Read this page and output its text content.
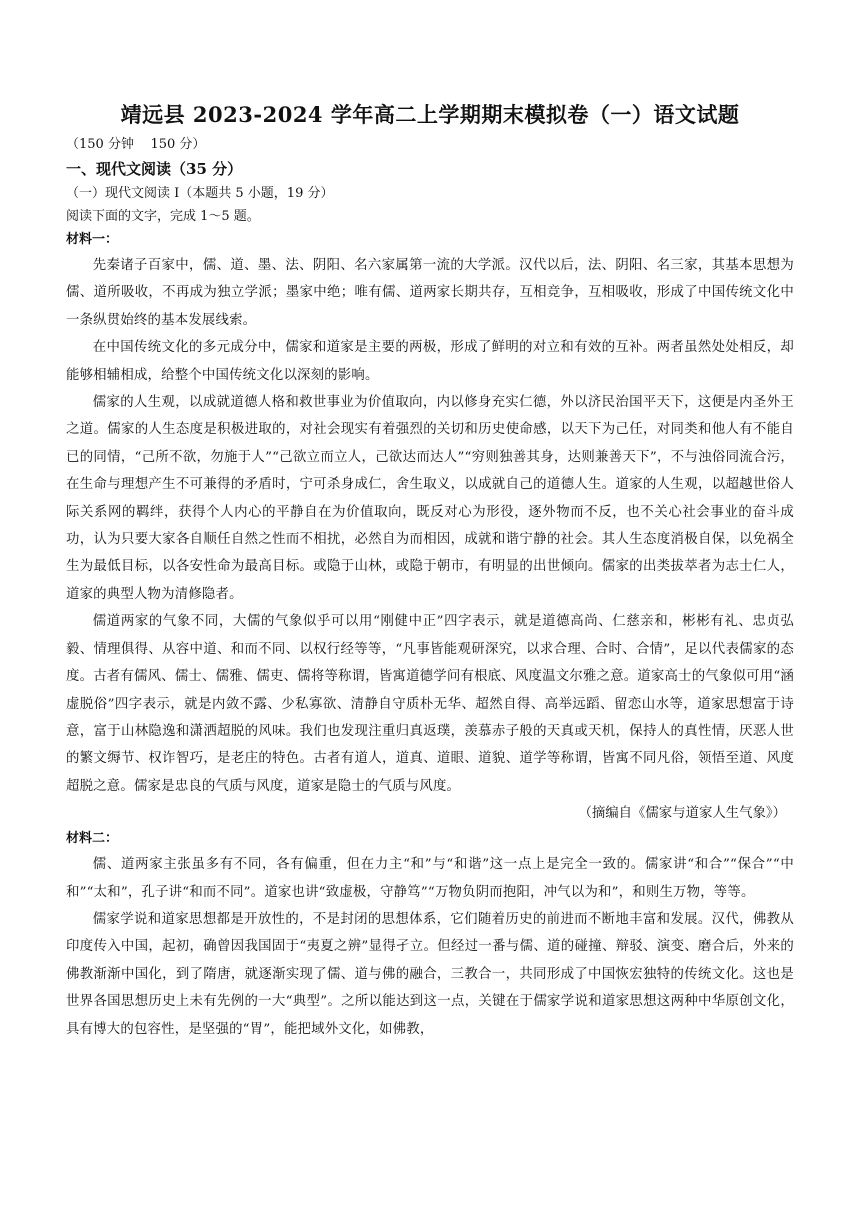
靖远县 2023-2024 学年高二上学期期末模拟卷（一）语文试题
（150 分钟    150 分）
一、现代文阅读（35 分）
（一）现代文阅读 I（本题共 5 小题，19 分）
阅读下面的文字，完成 1～5 题。
材料一：

先秦诸子百家中，儒、道、墨、法、阴阳、名六家属第一流的大学派。汉代以后，法、阴阳、名三家，其基本思想为儒、道所吸收，不再成为独立学派；墨家中绝；唯有儒、道两家长期共存，互相竞争，互相吸收，形成了中国传统文化中一条纵贯始终的基本发展线索。

在中国传统文化的多元成分中，儒家和道家是主要的两极，形成了鲜明的对立和有效的互补。两者虽然处处相反，却能够相辅相成，给整个中国传统文化以深刻的影响。

儒家的人生观，以成就道德人格和救世事业为价值取向，内以修身充实仁德，外以济民治国平天下，这便是内圣外王之道。儒家的人生态度是积极进取的，对社会现实有着强烈的关切和历史使命感，以天下为己任，对同类和他人有不能自已的同情，“己所不欲，勿施于人”“己欲立而立人，己欲达而达人”“穷则独善其身，达则兼善天下”，不与浊俗同流合污，在生命与理想产生不可兼得的矛盾时，宁可杀身成仁，舍生取义，以成就自己的道德人生。道家的人生观，以超越世俗人际关系网的羁绊，获得个人内心的平静自在为价值取向，既反对心为形役，逐外物而不反，也不关心社会事业的奋斗成功，认为只要大家各自顺任自然之性而不相扰，必然自为而相因，成就和谐宁静的社会。其人生态度消极自保，以免祸全生为最低目标，以各安性命为最高目标。或隐于山林，或隐于朝市，有明显的出世倾向。儒家的出类拔萃者为志士仁人，道家的典型人物为清修隐者。

儒道两家的气象不同，大儒的气象似乎可以用“刚健中正”四字表示，就是道德高尚、仁慈亲和，彬彬有礼、忠贞弘毅、情理俱得、从容中道、和而不同、以权行经等等，“凡事皆能观研深究，以求合理、合时、合情”，足以代表儒家的态度。古者有儒风、儒士、儒雅、儒吏、儒将等称谓，皆寓道德学问有根底、风度温文尔雅之意。道家高士的气象似可用“涵虚脱俗”四字表示，就是内敛不露、少私寡欲、清静自守质朴无华、超然自得、高举远蹈、留恋山水等，道家思想富于诗意，富于山林隐逸和潇洒超脱的风味。我们也发现注重归真返璞，羡慕赤子般的天真或天机，保持人的真性情，厌恶人世的繁文缛节、权诈智巧，是老庄的特色。古者有道人，道真、道眼、道貌、道学等称谓，皆寓不同凡俗，领悟至道、风度超脱之意。儒家是忠良的气质与风度，道家是隐士的气质与风度。

（摘编自《儒家与道家人生气象》）
材料二：

儒、道两家主张虽多有不同，各有偏重，但在力主“和”与“和谐”这一点上是完全一致的。儒家讲“和合”“保合”“中和”“太和”，孔子讲“和而不同”。道家也讲“致虚极，守静笃”“万物负阴而抱阳，冲气以为和”，和则生万物，等等。

儒家学说和道家思想都是开放性的，不是封闭的思想体系，它们随着历史的前进而不断地丰富和发展。汉代，佛教从印度传入中国，起初，确曾因我国固于“夷夏之辨”显得孑立。但经过一番与儒、道的碰撞、辩驳、演变、磨合后，外来的佛教渐渐中国化，到了隋唐，就逐渐实现了儒、道与佛的融合，三教合一，共同形成了中国恢宏独特的传统文化。这也是世界各国思想历史上未有先例的一大“典型”。之所以能达到这一点，关键在于儒家学说和道家思想这两种中华原创文化，具有博大的包容性，是坚强的“胃”，能把域外文化，如佛教，
